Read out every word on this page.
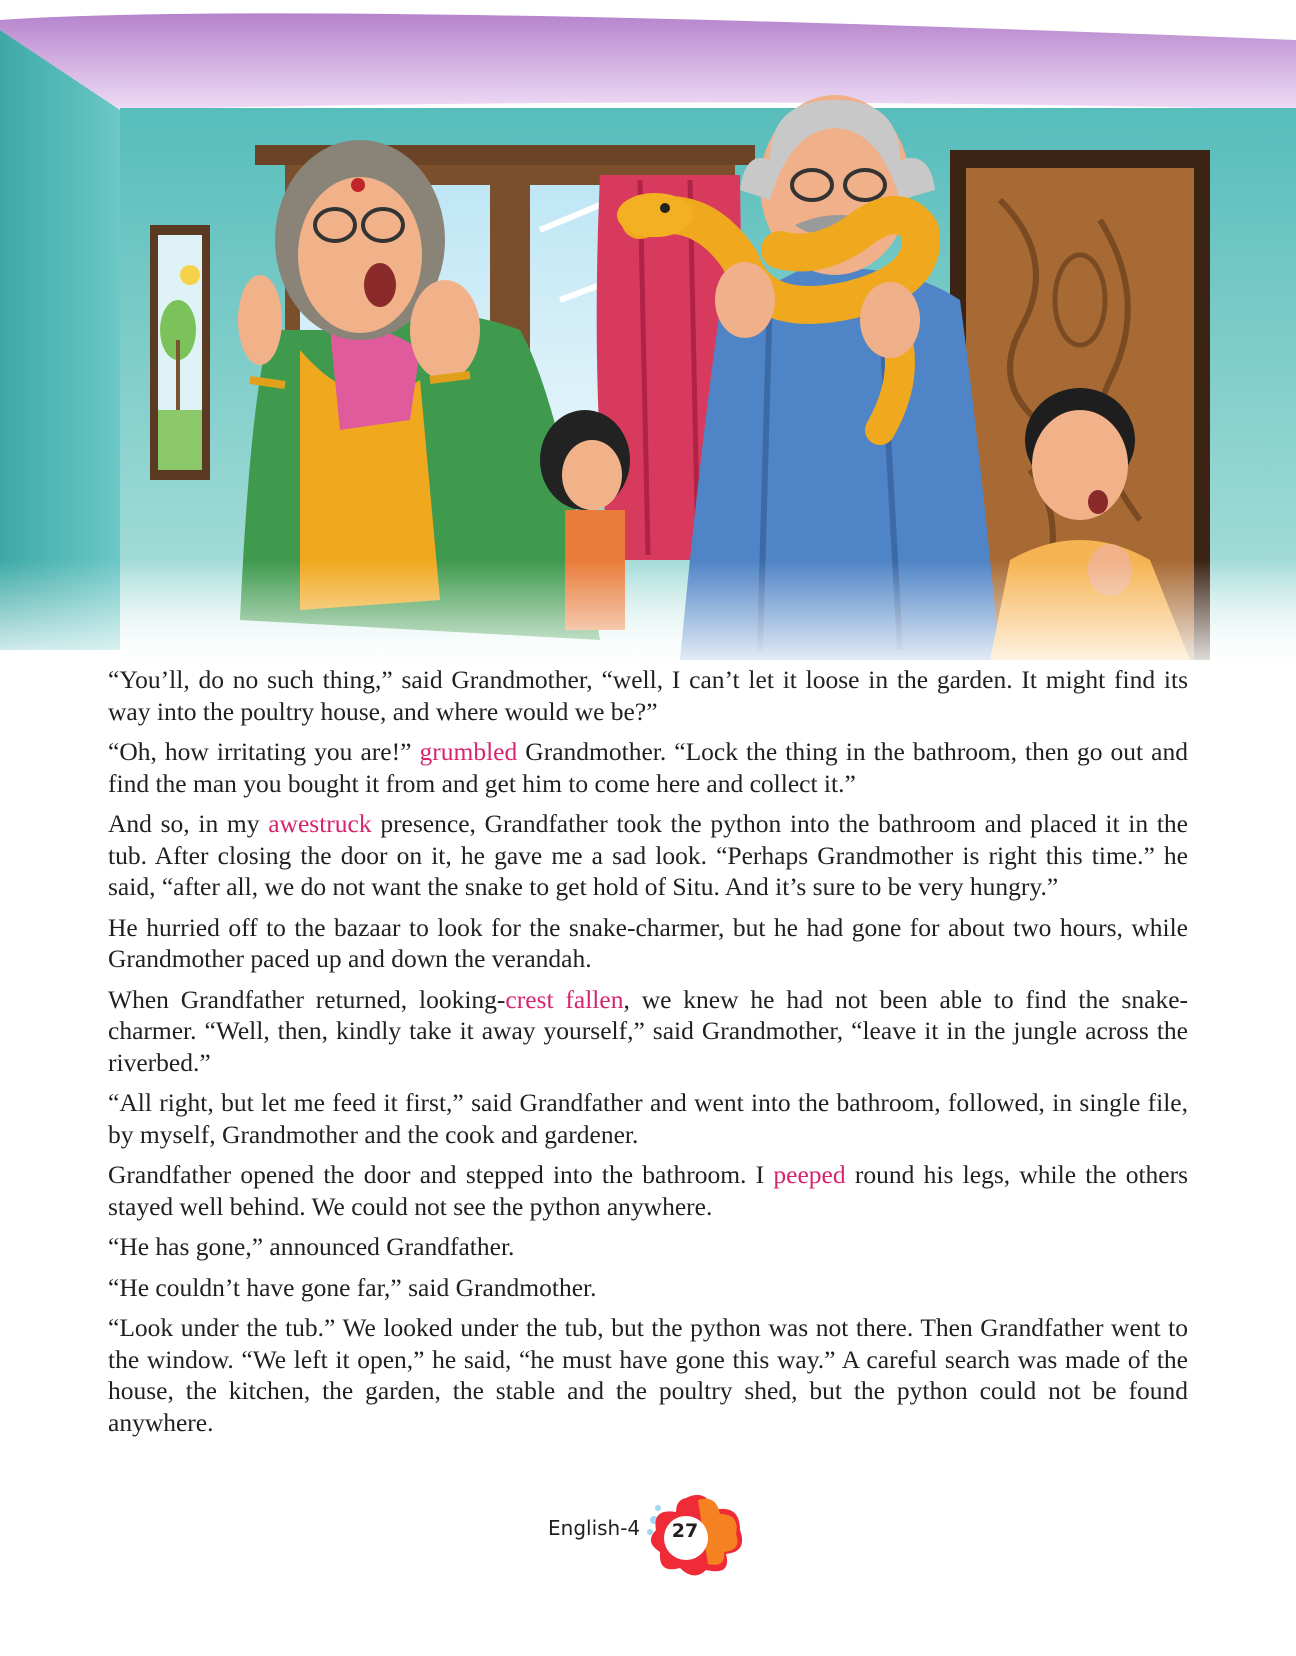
“You’ll, do no such thing,” said Grandmother, “well, I can’t let it loose in the garden. It might find its way into the poultry house, and where would we be?”

“Oh, how irritating you are!” grumbled Grandmother. “Lock the thing in the bathroom, then go out and find the man you bought it from and get him to come here and collect it.”

And so, in my awestruck presence, Grandfather took the python into the bathroom and placed it in the tub. After closing the door on it, he gave me a sad look. “Perhaps Grandmother is right this time.” he said, “after all, we do not want the snake to get hold of Situ. And it’s sure to be very hungry.”

He hurried off to the bazaar to look for the snake-charmer, but he had gone for about two hours, while Grandmother paced up and down the verandah.

When Grandfather returned, looking-crest fallen, we knew he had not been able to find the snake-charmer. “Well, then, kindly take it away yourself,” said Grandmother, “leave it in the jungle across the riverbed.”

“All right, but let me feed it first,” said Grandfather and went into the bathroom, followed, in single file, by myself, Grandmother and the cook and gardener.

Grandfather opened the door and stepped into the bathroom. I peeped round his legs, while the others stayed well behind. We could not see the python anywhere.

“He has gone,” announced Grandfather.

“He couldn’t have gone far,” said Grandmother.

“Look under the tub.” We looked under the tub, but the python was not there. Then Grandfather went to the window. “We left it open,” he said, “he must have gone this way.” A careful search was made of the house, the kitchen, the garden, the stable and the poultry shed, but the python could not be found anywhere.

English-4 27
